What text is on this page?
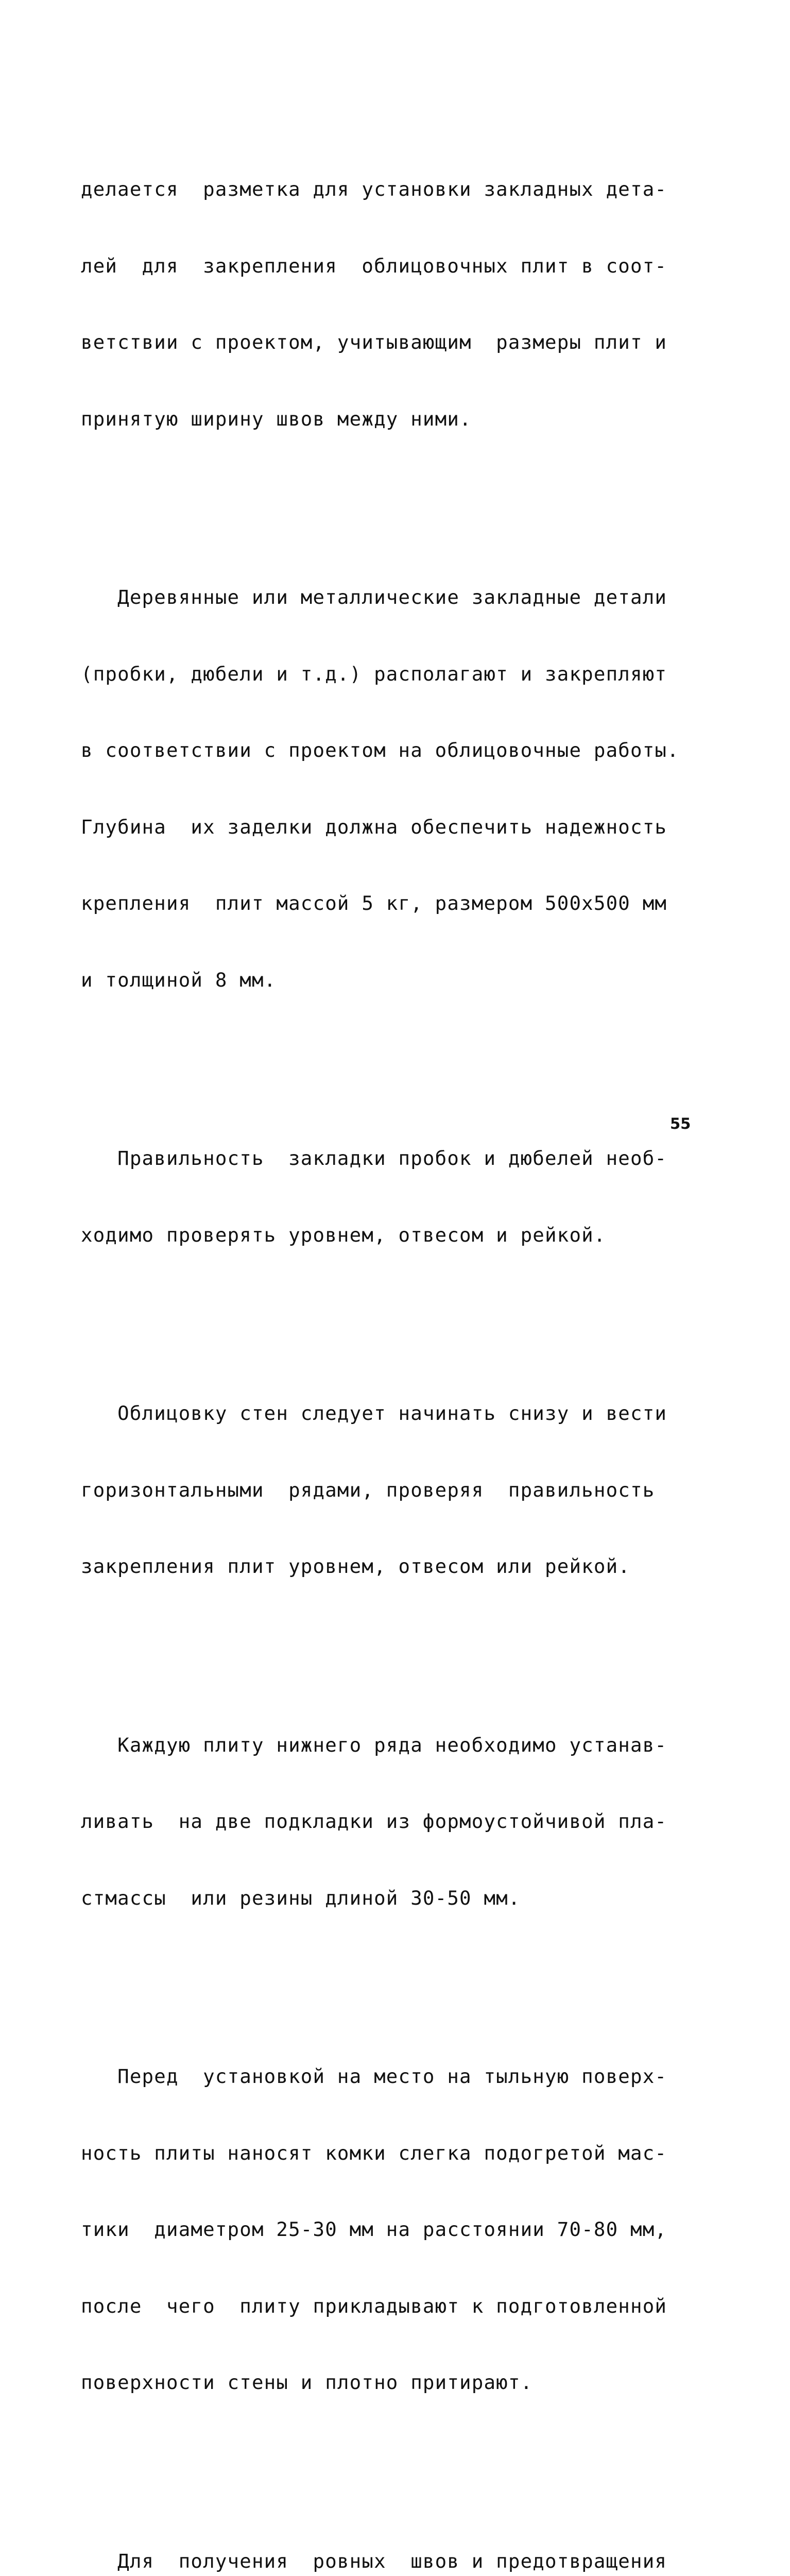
делается  разметка для установки закладных дета-

лей  для  закрепления  облицовочных плит в соот-

ветствии с проектом, учитывающим  размеры плит и

принятую ширину швов между ними.

Деревянные или металлические закладные детали

(пробки, дюбели и т.д.) располагают и закрепляют

в соответствии с проектом на облицовочные работы.

Глубина  их заделки должна обеспечить надежность

крепления  плит массой 5 кг, размером 500x500 мм

и толщиной 8 мм.

Правильность  закладки пробок и дюбелей необ-

ходимо проверять уровнем, отвесом и рейкой.

Облицовку стен следует начинать снизу и вести

горизонтальными  рядами, проверяя  правильность

закрепления плит уровнем, отвесом или рейкой.

Каждую плиту нижнего ряда необходимо устанав-

ливать  на две подкладки из формоустойчивой пла-

стмассы  или резины длиной 30-50 мм.

Перед  установкой на место на тыльную поверх-

ность плиты наносят комки слегка подогретой мас-

тики  диаметром 25-30 мм на расстоянии 70-80 мм,

после  чего  плиту прикладывают к подготовленной

поверхности стены и плотно притирают.

Для  получения  ровных  швов и предотвращения

55
